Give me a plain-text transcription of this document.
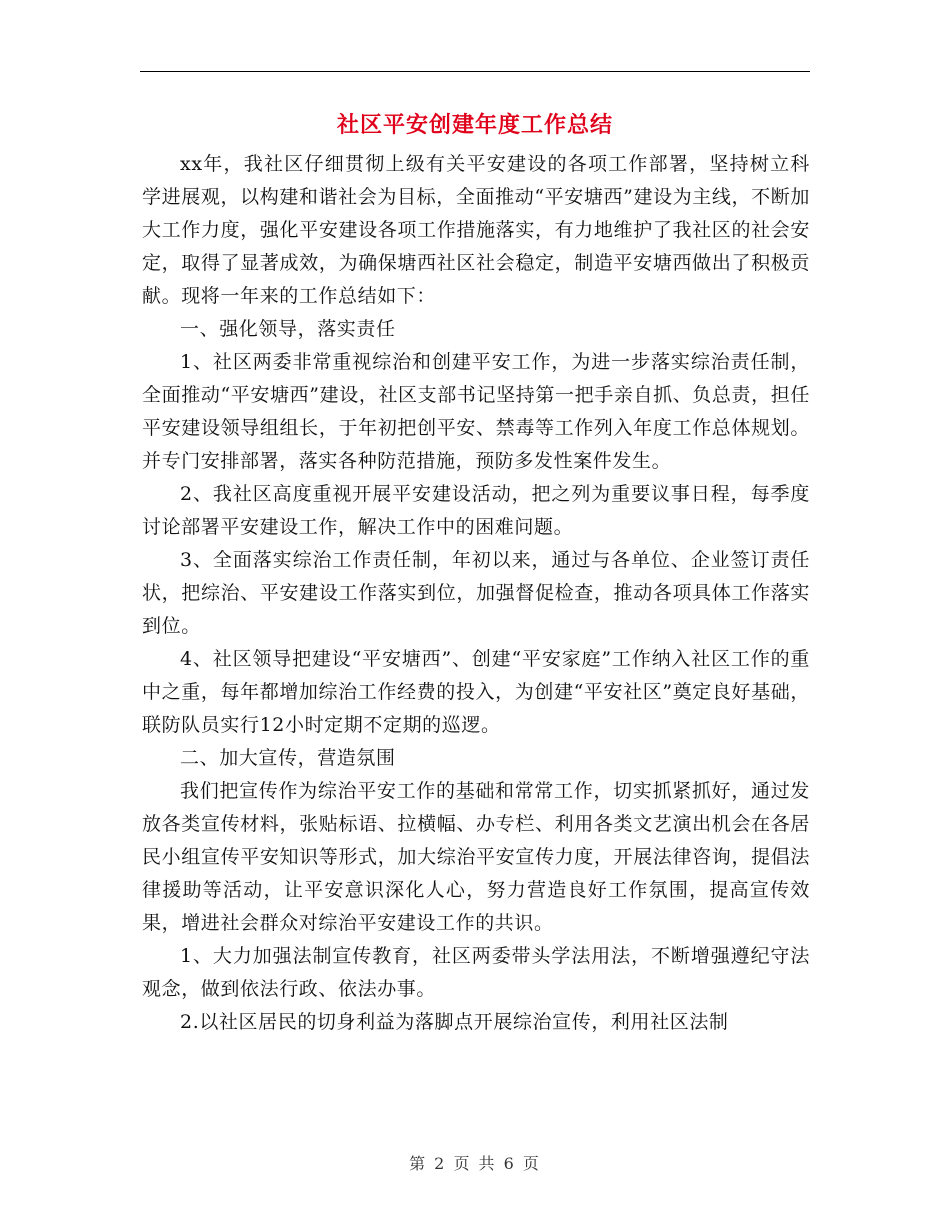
社区平安创建年度工作总结

xx年，我社区仔细贯彻上级有关平安建设的各项工作部署，坚持树立科学进展观，以构建和谐社会为目标，全面推动“平安塘西”建设为主线，不断加大工作力度，强化平安建设各项工作措施落实，有力地维护了我社区的社会安定，取得了显著成效，为确保塘西社区社会稳定，制造平安塘西做出了积极贡献。现将一年来的工作总结如下：

一、强化领导，落实责任

1、社区两委非常重视综治和创建平安工作，为进一步落实综治责任制，全面推动“平安塘西”建设，社区支部书记坚持第一把手亲自抓、负总责，担任平安建设领导组组长，于年初把创平安、禁毒等工作列入年度工作总体规划。并专门安排部署，落实各种防范措施，预防多发性案件发生。

2、我社区高度重视开展平安建设活动，把之列为重要议事日程，每季度讨论部署平安建设工作，解决工作中的困难问题。

3、全面落实综治工作责任制，年初以来，通过与各单位、企业签订责任状，把综治、平安建设工作落实到位，加强督促检查，推动各项具体工作落实到位。

4、社区领导把建设“平安塘西”、创建“平安家庭”工作纳入社区工作的重中之重，每年都增加综治工作经费的投入，为创建“平安社区”奠定良好基础，联防队员实行12小时定期不定期的巡逻。

二、加大宣传，营造氛围

我们把宣传作为综治平安工作的基础和常常工作，切实抓紧抓好，通过发放各类宣传材料，张贴标语、拉横幅、办专栏、利用各类文艺演出机会在各居民小组宣传平安知识等形式，加大综治平安宣传力度，开展法律咨询，提倡法律援助等活动，让平安意识深化人心，努力营造良好工作氛围，提高宣传效果，增进社会群众对综治平安建设工作的共识。

1、大力加强法制宣传教育，社区两委带头学法用法，不断增强遵纪守法观念，做到依法行政、依法办事。

2.以社区居民的切身利益为落脚点开展综治宣传，利用社区法制

第 2 页 共 6 页
